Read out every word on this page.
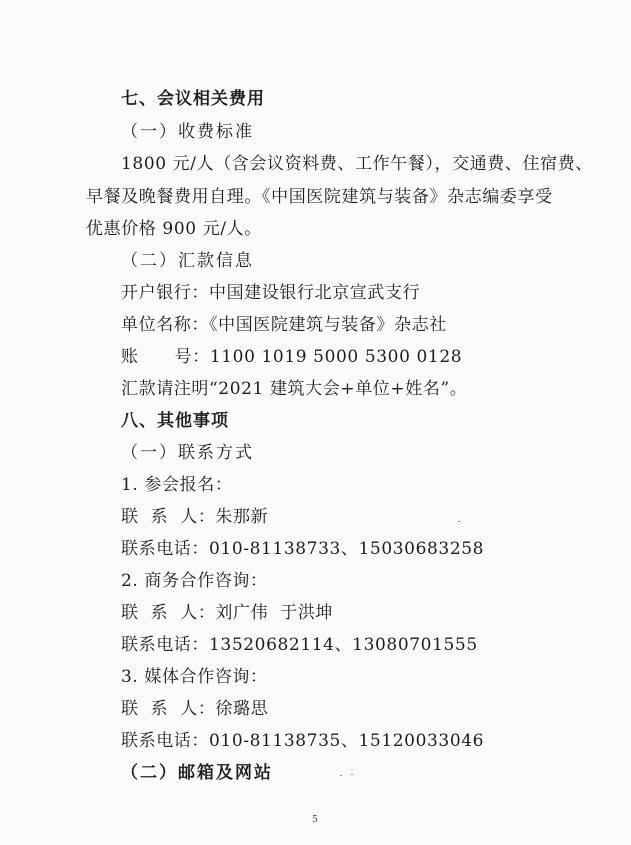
七、会议相关费用
（一）收费标准
1800 元/人（含会议资料费、工作午餐），交通费、住宿费、
早餐及晚餐费用自理。《中国医院建筑与装备》杂志编委享受
优惠价格 900 元/人。
（二）汇款信息
开户银行：中国建设银行北京宣武支行
单位名称：《中国医院建筑与装备》杂志社
账      号：1100 1019 5000 5300 0128
汇款请注明“2021 建筑大会+单位+姓名”。
八、其他事项
（一）联系方式
1. 参会报名：
联  系  人：朱那新
联系电话：010-81138733、15030683258
2. 商务合作咨询：
联  系  人：刘广伟  于洪坤
联系电话：13520682114、13080701555
3. 媒体合作咨询：
联  系  人：徐璐思
联系电话：010-81138735、15120033046
（二）邮箱及网站
5
